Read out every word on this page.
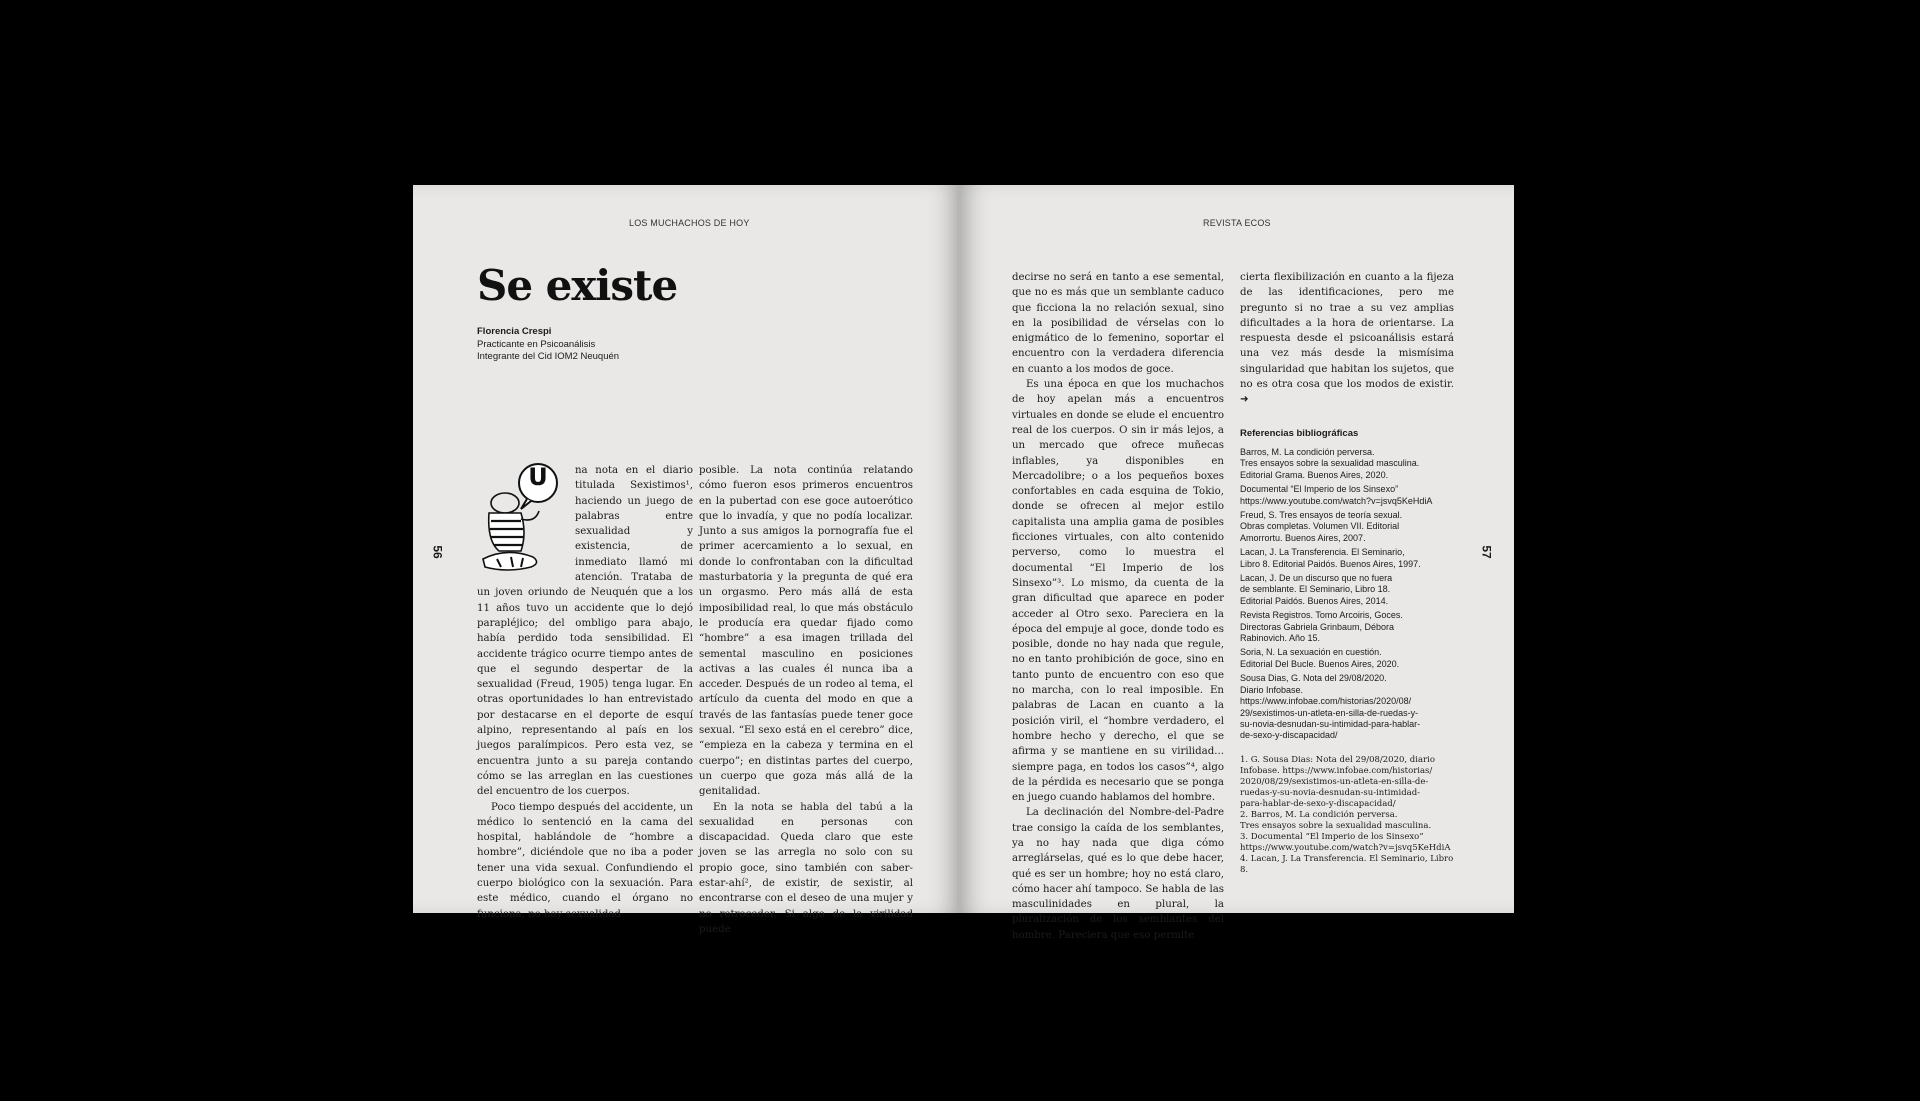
LOS MUCHACHOS DE HOY
56
Se existe
Florencia Crespi
Practicante en Psicoanálisis
Integrante del Cid IOM2 Neuquén
U	na nota en el diario titulada Sexistimos¹, haciendo un juego de palabras entre sexualidad y existencia, de inmediato llamó mi atención. Trataba de un joven oriundo de Neuquén que a los 11 años tuvo un accidente que lo dejó parapléjico; del ombligo para abajo, había perdido toda sensibilidad. El accidente trágico ocurre tiempo antes de que el segundo despertar de la sexualidad (Freud, 1905) tenga lugar. En otras oportunidades lo han entrevistado por destacarse en el deporte de esquí alpino, representando al país en los juegos paralímpicos. Pero esta vez, se encuentra junto a su pareja contando cómo se las arreglan en las cuestiones del encuentro de los cuerpos.

Poco tiempo después del accidente, un médico lo sentenció en la cama del hospital, hablándole de “hombre a hombre”, diciéndole que no iba a poder tener una vida sexual. Confundiendo el cuerpo biológico con la sexuación. Para este médico, cuando el órgano no funciona, no hay sexualidad

posible. La nota continúa relatando cómo fueron esos primeros encuentros en la pubertad con ese goce autoerótico que lo invadía, y que no podía localizar. Junto a sus amigos la pornografía fue el primer acercamiento a lo sexual, en donde lo confrontaban con la dificultad masturbatoria y la pregunta de qué era un orgasmo. Pero más allá de esta imposibilidad real, lo que más obstáculo le producía era quedar fijado como “hombre” a esa imagen trillada del semental masculino en posiciones activas a las cuales él nunca iba a acceder. Después de un rodeo al tema, el artículo da cuenta del modo en que a través de las fantasías puede tener goce sexual. “El sexo está en el cerebro” dice, “empieza en la cabeza y termina en el cuerpo”; en distintas partes del cuerpo, un cuerpo que goza más allá de la genitalidad.

En la nota se habla del tabú a la sexualidad en personas con discapacidad. Queda claro que este joven se las arregla no solo con su propio goce, sino también con saber-estar-ahí², de existir, de sexistir, al encontrarse con el deseo de una mujer y no retroceder. Si algo de la virilidad puede

REVISTA ECOS
57

decirse no será en tanto a ese semental, que no es más que un semblante caduco que ficciona la no relación sexual, sino en la posibilidad de vérselas con lo enigmático de lo femenino, soportar el encuentro con la verdadera diferencia en cuanto a los modos de goce.

Es una época en que los muchachos de hoy apelan más a encuentros virtuales en donde se elude el encuentro real de los cuerpos. O sin ir más lejos, a un mercado que ofrece muñecas inflables, ya disponibles en Mercadolibre; o a los pequeños boxes confortables en cada esquina de Tokio, donde se ofrecen al mejor estilo capitalista una amplia gama de posibles ficciones virtuales, con alto contenido perverso, como lo muestra el documental “El Imperio de los Sinsexo”³. Lo mismo, da cuenta de la gran dificultad que aparece en poder acceder al Otro sexo. Pareciera en la época del empuje al goce, donde todo es posible, donde no hay nada que regule, no en tanto prohibición de goce, sino en tanto punto de encuentro con eso que no marcha, con lo real imposible. En palabras de Lacan en cuanto a la posición viril, el “hombre verdadero, el hombre hecho y derecho, el que se afirma y se mantiene en su virilidad... siempre paga, en todos los casos”⁴, algo de la pérdida es necesario que se ponga en juego cuando hablamos del hombre.

La declinación del Nombre-del-Padre trae consigo la caída de los semblantes, ya no hay nada que diga cómo arreglárselas, qué es lo que debe hacer, qué es ser un hombre; hoy no está claro, cómo hacer ahí tampoco. Se habla de las masculinidades en plural, la pluralización de los semblantes del hombre. Pareciera que eso permite

cierta flexibilización en cuanto a la fijeza de las identificaciones, pero me pregunto si no trae a su vez amplias dificultades a la hora de orientarse. La respuesta desde el psicoanálisis estará una vez más desde la mismísima singularidad que habitan los sujetos, que no es otra cosa que los modos de existir. ➜

Referencias bibliográficas
Barros, M. La condición perversa.
Tres ensayos sobre la sexualidad masculina.
Editorial Grama. Buenos Aires, 2020.
Documental “El Imperio de los Sinsexo”
https://www.youtube.com/watch?v=jsvq5KeHdiA
Freud, S. Tres ensayos de teoría sexual.
Obras completas. Volumen VII. Editorial
Amorrortu. Buenos Aires, 2007.
Lacan, J. La Transferencia. El Seminario,
Libro 8. Editorial Paidós. Buenos Aires, 1997.
Lacan, J. De un discurso que no fuera
de semblante. El Seminario, Libro 18.
Editorial Paidós. Buenos Aires, 2014.
Revista Registros. Tomo Arcoiris, Goces.
Directoras Gabriela Grinbaum, Débora
Rabinovich. Año 15.
Soria, N. La sexuación en cuestión.
Editorial Del Bucle. Buenos Aires, 2020.
Sousa Dias, G. Nota del 29/08/2020.
Diario Infobase.
https://www.infobae.com/historias/2020/08/
29/sexistimos-un-atleta-en-silla-de-ruedas-y-
su-novia-desnudan-su-intimidad-para-hablar-
de-sexo-y-discapacidad/
1. G. Sousa Dias: Nota del 29/08/2020, diario
Infobase. https://www.infobae.com/historias/
2020/08/29/sexistimos-un-atleta-en-silla-de-
ruedas-y-su-novia-desnudan-su-intimidad-
para-hablar-de-sexo-y-discapacidad/
2. Barros, M. La condición perversa.
Tres ensayos sobre la sexualidad masculina.
3. Documental “El Imperio de los Sinsexo”
https://www.youtube.com/watch?v=jsvq5KeHdiA
4. Lacan, J. La Transferencia. El Seminario, Libro 8.
